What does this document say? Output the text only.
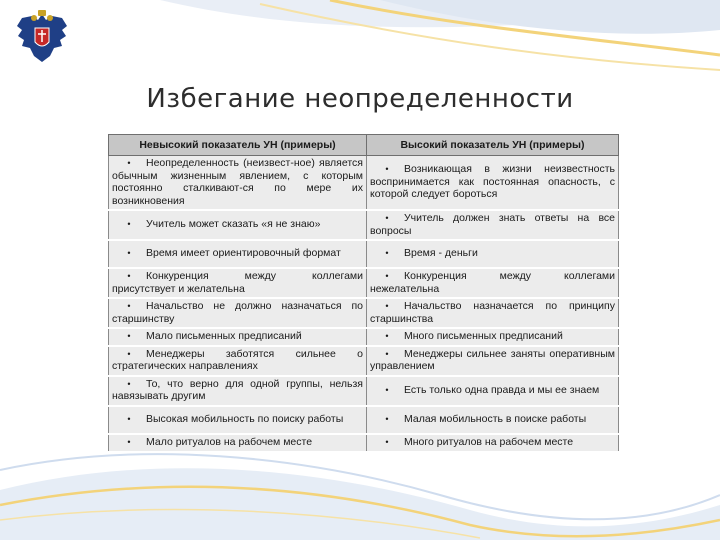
Избегание неопределенности
Невысокий показатель УН (примеры)	Высокий показатель УН (примеры)
• Неопределенность (неизвест-ное) является обычным жизненным явлением, с которым постоянно сталкивают-ся по мере их возникновения	• Возникающая в жизни неизвестность воспринимается как постоянная опасность, с которой следует бороться
• Учитель может сказать «я не знаю»	• Учитель должен знать ответы на все вопросы
• Время имеет ориентировочный формат	• Время - деньги
• Конкуренция между коллегами присутствует и желательна	• Конкуренция между коллегами нежелательна
• Начальство не должно назначаться по старшинству	• Начальство назначается по принципу старшинства
• Мало письменных предписаний	• Много письменных предписаний
• Менеджеры заботятся сильнее о стратегических направлениях	• Менеджеры сильнее заняты оперативным управлением
• То, что верно для одной группы, нельзя навязывать другим	• Есть только одна правда и мы ее знаем
• Высокая мобильность по поиску работы	• Малая мобильность в поиске работы
• Мало ритуалов на рабочем месте	• Много ритуалов на рабочем месте
